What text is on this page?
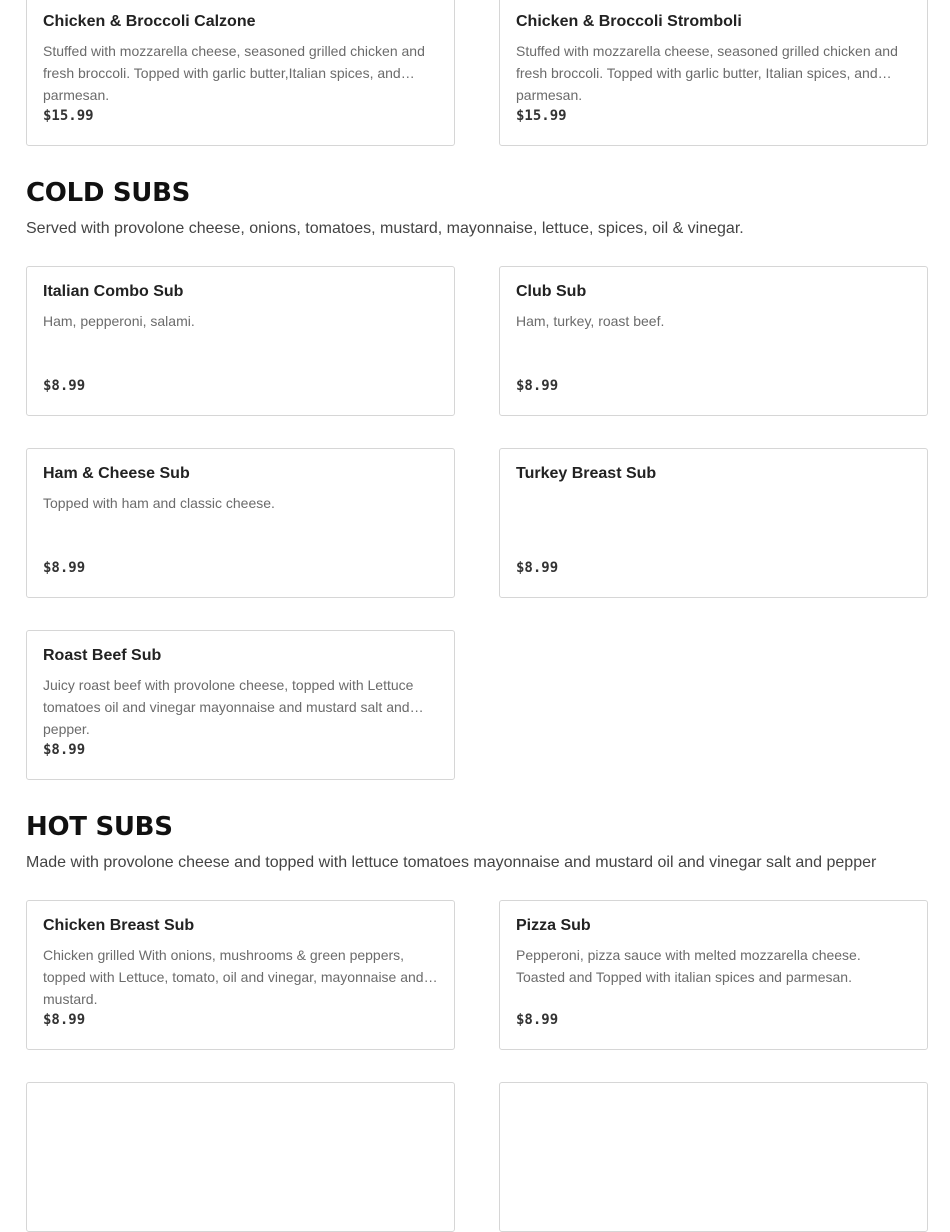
Chicken & Broccoli Calzone
Stuffed with mozzarella cheese, seasoned grilled chicken and fresh broccoli. Topped with garlic butter,Italian spices, and parmesan.
$15.99
Chicken & Broccoli Stromboli
Stuffed with mozzarella cheese, seasoned grilled chicken and fresh broccoli. Topped with garlic butter, Italian spices, and parmesan.
$15.99
COLD SUBS

Served with provolone cheese, onions, tomatoes, mustard, mayonnaise, lettuce, spices, oil & vinegar.

Italian Combo Sub
Ham, pepperoni, salami.
$8.99
Club Sub
Ham, turkey, roast beef.
$8.99
Ham & Cheese Sub
Topped with ham and classic cheese.
$8.99
Turkey Breast Sub
$8.99
Roast Beef Sub
Juicy roast beef with provolone cheese, topped with Lettuce tomatoes oil and vinegar mayonnaise and mustard salt and pepper.
$8.99
HOT SUBS

Made with provolone cheese and topped with lettuce tomatoes mayonnaise and mustard oil and vinegar salt and pepper

Chicken Breast Sub
Chicken grilled With onions, mushrooms & green peppers, topped with Lettuce, tomato, oil and vinegar, mayonnaise and mustard.
$8.99
Pizza Sub
Pepperoni, pizza sauce with melted mozzarella cheese. Toasted and Topped with italian spices and parmesan.
$8.99
